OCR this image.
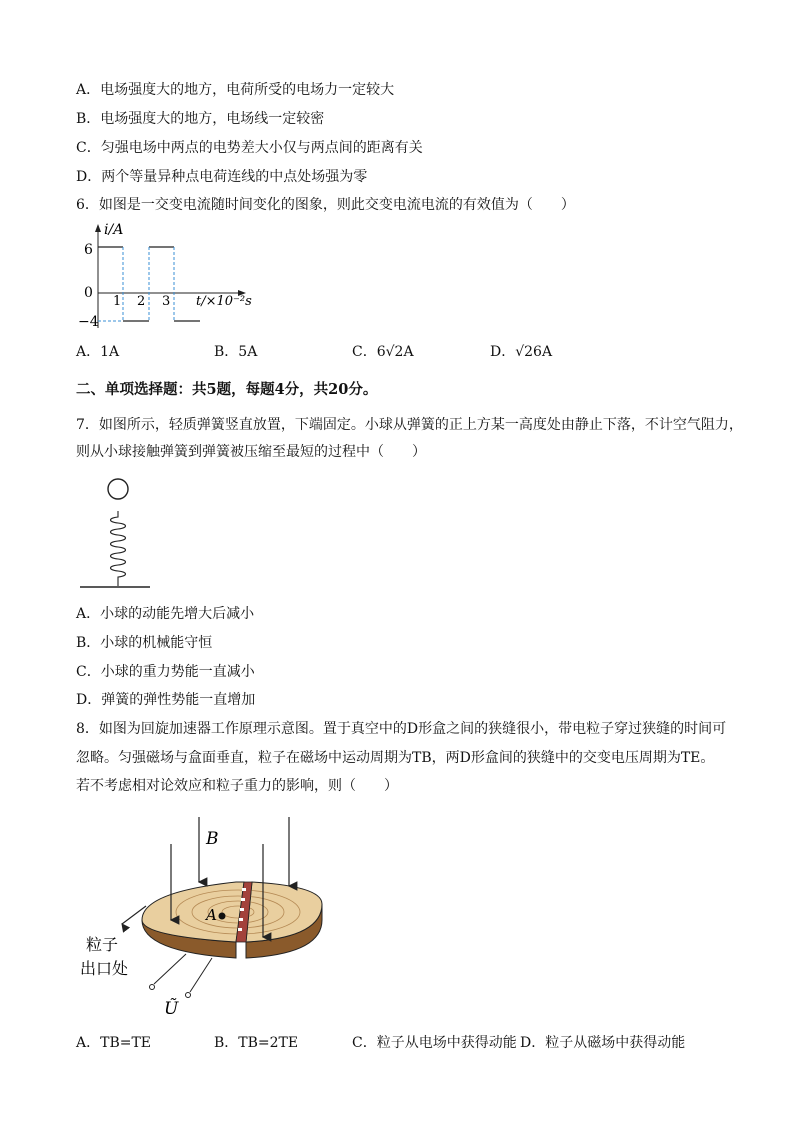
A．电场强度大的地方，电荷所受的电场力一定较大
B．电场强度大的地方，电场线一定较密
C．匀强电场中两点的电势差大小仅与两点间的距离有关
D．两个等量异种点电荷连线的中点处场强为零
6．如图是一交变电流随时间变化的图象，则此交变电流电流的有效值为（　　）
i/A
6
0
−4
1 2 3 t/×10⁻²s
A．1A	B．5A	C．6√2A	D．√26A
二、单项选择题：共5题，每题4分，共20分。
7．如图所示，轻质弹簧竖直放置，下端固定。小球从弹簧的正上方某一高度处由静止下落，不计空气阻力，
则从小球接触弹簧到弹簧被压缩至最短的过程中（　　）
A．小球的动能先增大后减小
B．小球的机械能守恒
C．小球的重力势能一直减小
D．弹簧的弹性势能一直增加
8．如图为回旋加速器工作原理示意图。置于真空中的D形盒之间的狭缝很小，带电粒子穿过狭缝的时间可
忽略。匀强磁场与盒面垂直，粒子在磁场中运动周期为TB，两D形盒间的狭缝中的交变电压周期为TE。
若不考虑相对论效应和粒子重力的影响，则（　　）
A
B
粒子
出口处
Ũ
A．TB=TE	B．TB=2TE	C．粒子从电场中获得动能 D．粒子从磁场中获得动能
